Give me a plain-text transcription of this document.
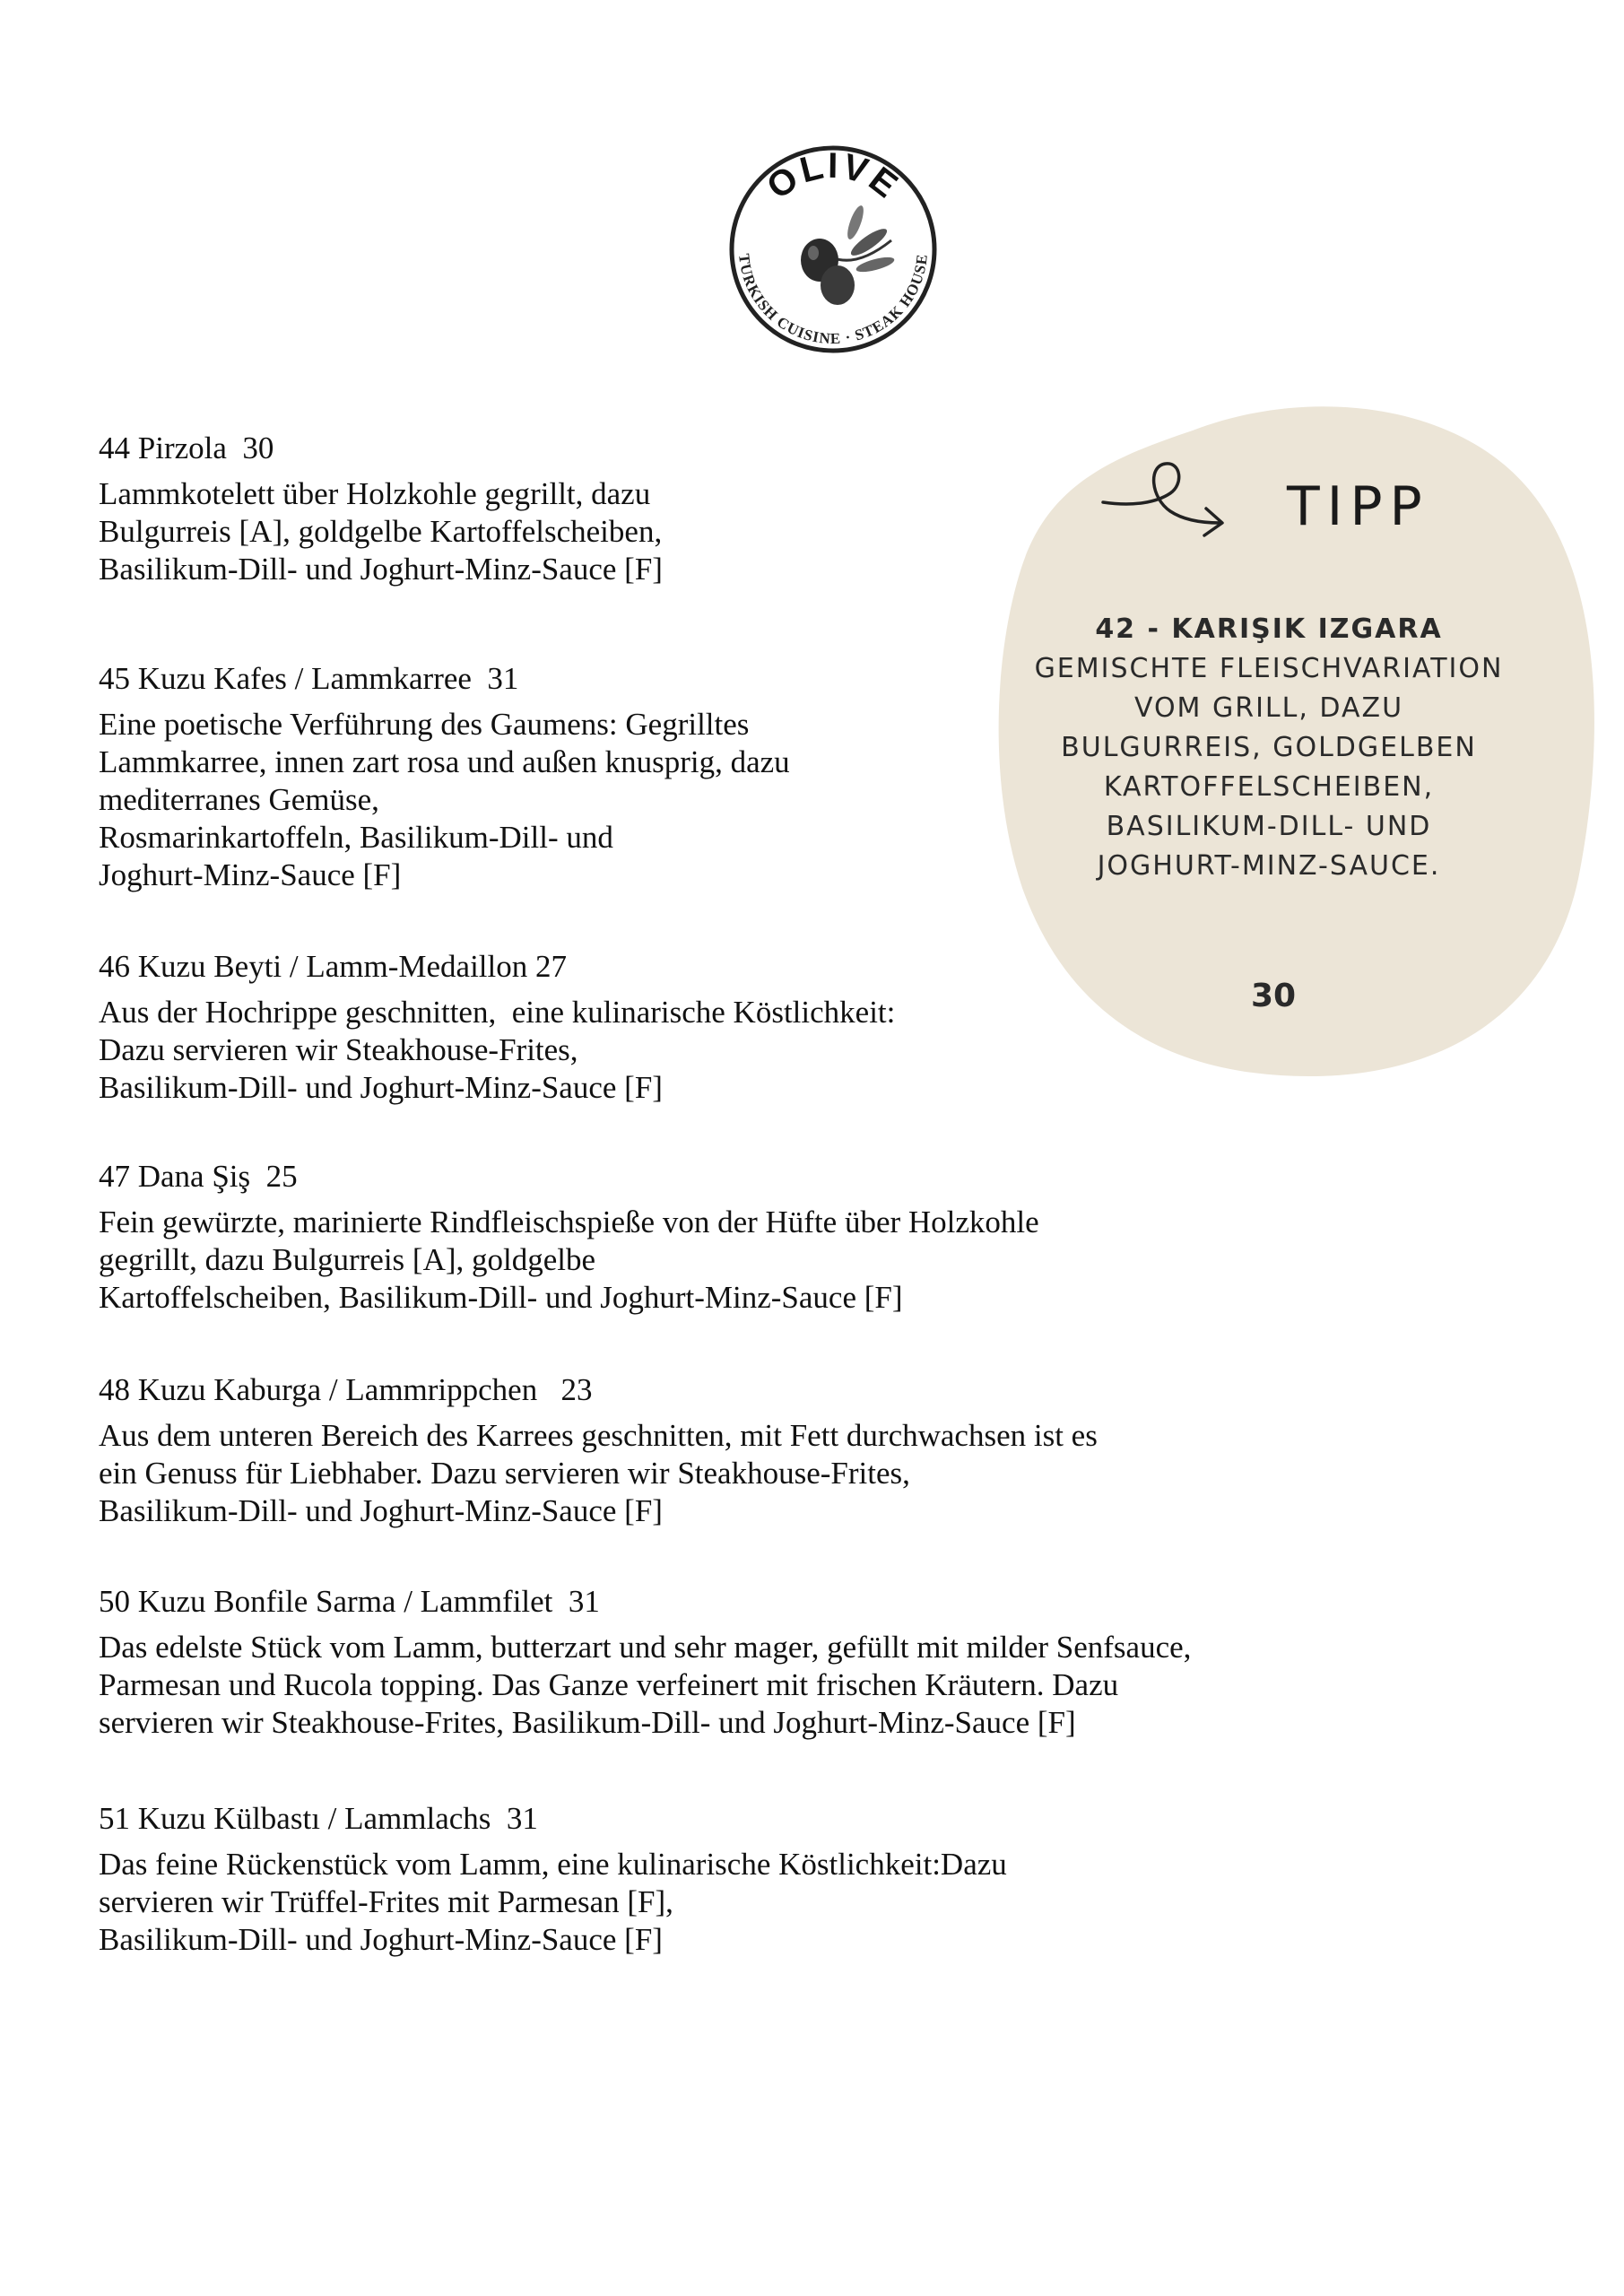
OLIVE
TURKISH CUISINE · STEAK HOUSE

44 Pirzola  30

Lammkotelett über Holzkohle gegrillt, dazu
Bulgurreis [A], goldgelbe Kartoffelscheiben,
Basilikum-Dill- und Joghurt-Minz-Sauce [F]

45 Kuzu Kafes / Lammkarree  31

Eine poetische Verführung des Gaumens: Gegrilltes
Lammkarree, innen zart rosa und außen knusprig, dazu
mediterranes Gemüse,
Rosmarinkartoffeln, Basilikum-Dill- und
Joghurt-Minz-Sauce [F]

46 Kuzu Beyti / Lamm-Medaillon 27

Aus der Hochrippe geschnitten,  eine kulinarische Köstlichkeit:
Dazu servieren wir Steakhouse-Frites,
Basilikum-Dill- und Joghurt-Minz-Sauce [F]

47 Dana Şiş  25

Fein gewürzte, marinierte Rindfleischspieße von der Hüfte über Holzkohle
gegrillt, dazu Bulgurreis [A], goldgelbe
Kartoffelscheiben, Basilikum-Dill- und Joghurt-Minz-Sauce [F]

48 Kuzu Kaburga / Lammrippchen   23

Aus dem unteren Bereich des Karrees geschnitten, mit Fett durchwachsen ist es
ein Genuss für Liebhaber. Dazu servieren wir Steakhouse-Frites,
Basilikum-Dill- und Joghurt-Minz-Sauce [F]

50 Kuzu Bonfile Sarma / Lammfilet  31

Das edelste Stück vom Lamm, butterzart und sehr mager, gefüllt mit milder Senfsauce,
Parmesan und Rucola topping. Das Ganze verfeinert mit frischen Kräutern. Dazu
servieren wir Steakhouse-Frites, Basilikum-Dill- und Joghurt-Minz-Sauce [F]

51 Kuzu Külbastı / Lammlachs  31

Das feine Rückenstück vom Lamm, eine kulinarische Köstlichkeit:Dazu
servieren wir Trüffel-Frites mit Parmesan [F],
Basilikum-Dill- und Joghurt-Minz-Sauce [F]

TIPP
42 - KARIŞIK IZGARA
GEMISCHTE FLEISCHVARIATION
VOM GRILL, DAZU
BULGURREIS, GOLDGELBEN
KARTOFFELSCHEIBEN,
BASILIKUM-DILL- UND
JOGHURT-MINZ-SAUCE.
30
